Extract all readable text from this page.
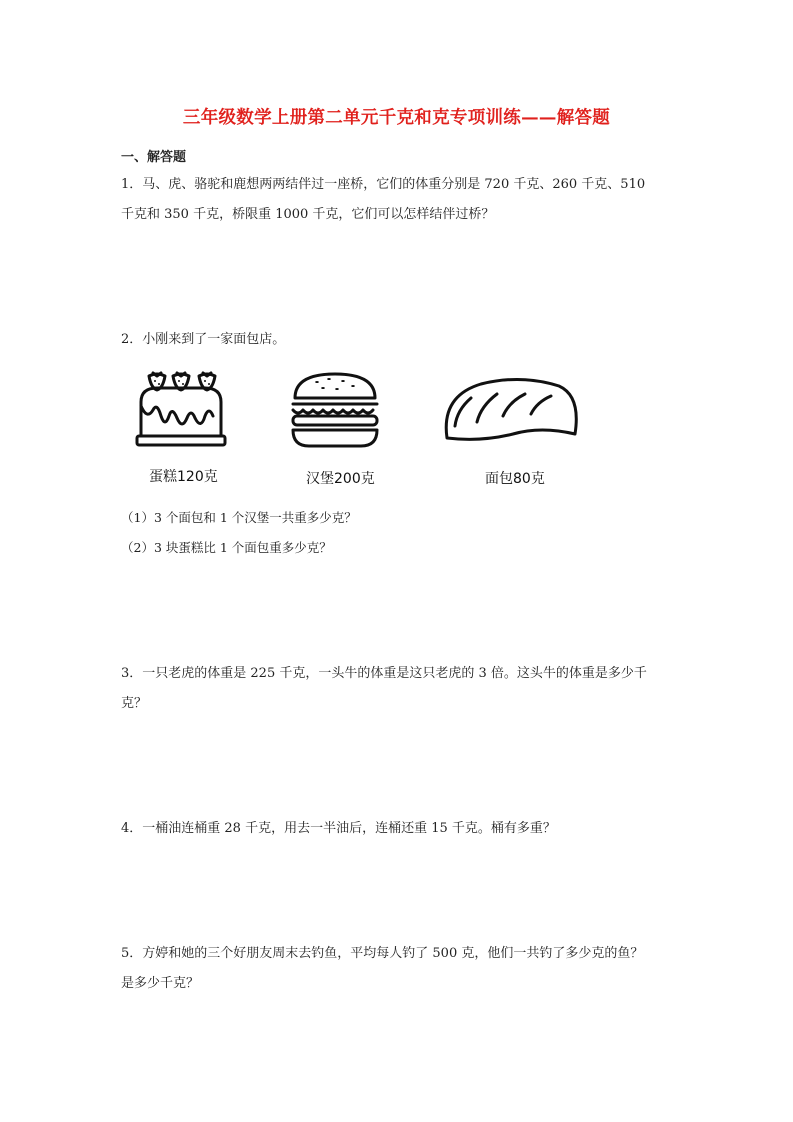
三年级数学上册第二单元千克和克专项训练——解答题
一、解答题

1．马、虎、骆驼和鹿想两两结伴过一座桥，它们的体重分别是 720 千克、260 千克、510

千克和 350 千克，桥限重 1000 千克，它们可以怎样结伴过桥？

2．小刚来到了一家面包店。

蛋糕120克	汉堡200克	面包80克

（1）3 个面包和 1 个汉堡一共重多少克？

（2）3 块蛋糕比 1 个面包重多少克？

3．一只老虎的体重是 225 千克，一头牛的体重是这只老虎的 3 倍。这头牛的体重是多少千

克？

4．一桶油连桶重 28 千克，用去一半油后，连桶还重 15 千克。桶有多重？

5．方婷和她的三个好朋友周末去钓鱼，平均每人钓了 500 克，他们一共钓了多少克的鱼？

是多少千克？
